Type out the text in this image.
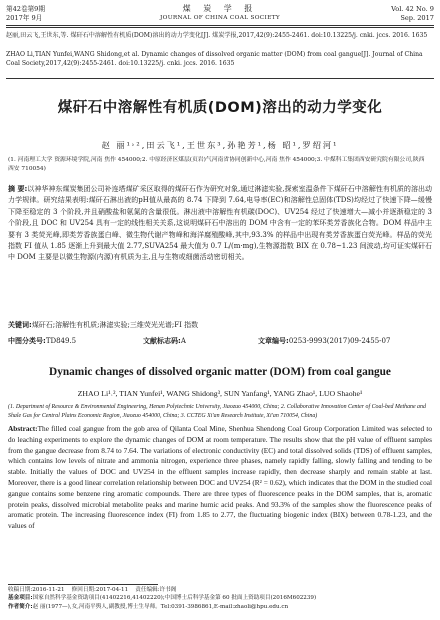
第42卷第9期	煤 炭 学 报	Vol. 42 No. 9
2017年 9月	JOURNAL OF CHINA COAL SOCIETY	Sep. 2017

赵丽,田云飞,王世东,等. 煤矸石中溶解性有机质(DOM)溶出的动力学变化[J]. 煤炭学报,2017,42(9):2455-2461. doi:10.13225/j. cnki. jccs. 2016. 1635

ZHAO Li,TIAN Yunfei,WANG Shidong,et al. Dynamic changes of dissolved organic matter (DOM) from coal gangue[J]. Journal of China Coal Society,2017,42(9):2455-2461. doi:10.13225/j. cnki. jccs. 2016. 1635

煤矸石中溶解性有机质(DOM)溶出的动力学变化
赵 丽¹˒²,田云飞¹,王世东³,孙艳芳¹,杨 昭¹,罗绍河¹

(1. 河南理工大学 资源环境学院,河南 焦作 454000;2. 中原经济区煤层(页岩)气河南省协同创新中心,河南 焦作 454000;3. 中煤科工集团西安研究院有限公司,陕西 西安 710054)

摘 要:以神华神东煤炭集团公司补连塔煤矿采区取得的煤矸石作为研究对象,通过淋滤实验,探索室温条件下煤矸石中溶解性有机质的溶出动力学规律。研究结果表明:煤矸石淋出液的pH值从最高的 8.74 下降到 7.64,电导率(EC)和溶解性总固体(TDS)均经过了快速下降—缓慢下降至稳定的 3 个阶段,并且硝酸盐和氨氮的含量很低。淋出液中溶解性有机碳(DOC)、UV254 经过了快速增大—减小并逐渐稳定的 3 个阶段,且 DOC 和 UV254 具有一定的线性相关关系,这说明煤矸石中溶出的 DOM 中含有一定的苯环类芳香族化合物。DOM 样品中主要有 3 类荧光峰,即类芳香族蛋白峰、微生物代谢产物峰和海洋腐殖酸峰,其中,93.3% 的样品中出现有类芳香族蛋白荧光峰。样品的荧光指数 FI 值从 1.85 逐渐上升到最大值 2.77,SUVA254 最大值为 0.7 L/(m·mg),生物源指数 BIX 在 0.78~1.23 间波动,均可证实煤矸石中 DOM 主要是以微生物源(内源)有机质为主,且与生物或细菌活动密切相关。
关键词:煤矸石;溶解性有机质;淋滤实验;三维荧光光谱;FI 指数
中图分类号:TD849.5	文献标志码:A	文章编号:0253-9993(2017)09-2455-07
Dynamic changes of dissolved organic matter (DOM) from coal gangue
ZHAO Li¹˒², TIAN Yunfei¹, WANG Shidong³, SUN Yanfang¹, YANG Zhao¹, LUO Shaohe¹

(1. Department of Resource & Environmental Engineering, Henan Polytechnic University, Jiaozuo 454000, China; 2. Collaborative Innovation Center of Coal-bed Methane and Shale Gas for Central Plains Economic Region, Jiaozuo 454000, China; 3. CCTEG Xi'an Research Institute, Xi'an 710054, China)

Abstract:The filled coal gangue from the gob area of Qilanta Coal Mine, Shenhua Shendong Coal Group Corporation Limited was selected to do leaching experiments to explore the dynamic changes of DOM at room temperature. The results show that the pH value of effluent samples from the gangue decrease from 8.74 to 7.64. The variations of electronic conductivity (EC) and total dissolved solids (TDS) of effluent samples, which contains low levels of nitrate and ammonia nitrogen, experience three phases, namely rapidly falling, slowly falling and tending to be stable. Initially the values of DOC and UV254 in the effluent samples increase rapidly, then decrease sharply and remain stable at last. Moreover, there is a good linear correlation relationship between DOC and UV254 (R² = 0.62), which indicates that the DOM in the studied coal gangue contains some benzene ring aromatic compounds. There are three types of fluorescence peaks in the DOM samples, that is, aromatic protein peaks, dissolved microbial metabolite peaks and marine humic acid peaks. And 93.3% of the samples show the fluorescence peaks of aromatic protein. The increasing fluorescence index (FI) from 1.85 to 2.77, the fluctuating biogenic index (BIX) between 0.78-1.23, and the values of

收稿日期:2016-11-21 修回日期:2017-04-11 责任编辑:许书阁

基金项目:国家自然科学基金资助项目(41402216,41402220);中国博士后科学基金第 60 批面上资助项目(2016M602239)

作者简介:赵 丽(1977—),女,河南平舆人,副教授,博士生导师。Tel:0391-3986861,E-mail:zhaoli@hpu.edu.cn
